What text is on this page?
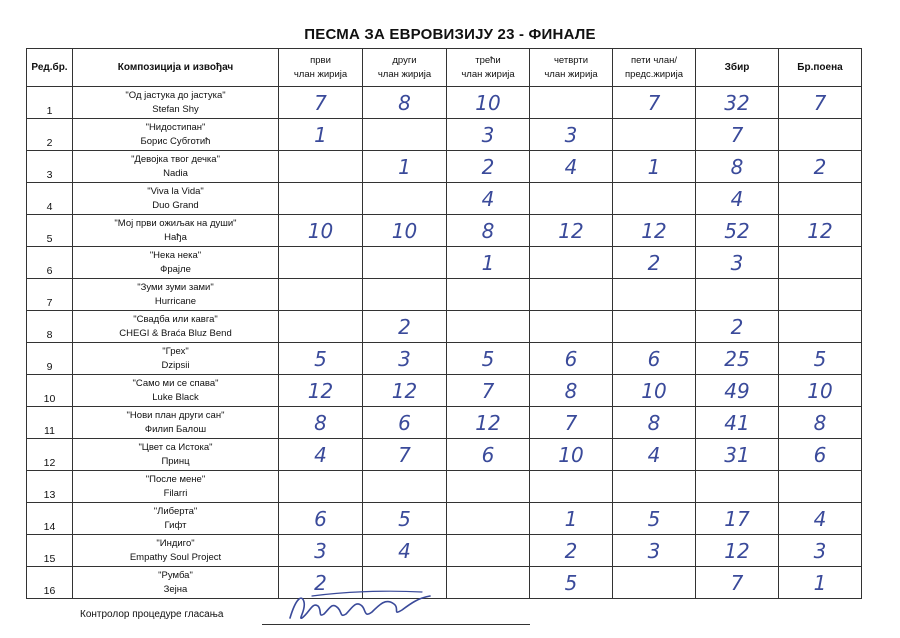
ПЕСМА ЗА ЕВРОВИЗИЈУ 23 - ФИНАЛЕ
Ред.бр.	Композиција и извођач	први
члан жирија	други
члан жирија	трећи
члан жирија	четврти
члан жирија	пети члан/
предс.жирија	Збир	Бр.поена
1	"Од јастука до јастука"
Stefan Shy	7	8	10		7	32	7
2	"Нидостипан"
Борис Субготић	1		3	3		7	
3	"Девојка твог дечка"
Nadia		1	2	4	1	8	2
4	"Viva la Vida"
Duo Grand			4			4	
5	"Мој први ожиљак на души"
Нађа	10	10	8	12	12	52	12
6	"Нека нека"
Фрајле			1		2	3	
7	"Зуми зуми зами"
Hurricane							

8	"Свадба или кавга"
CHEGI & Braća Bluz Bend		2				2	
9	"Грех"
Dzipsii	5	3	5	6	6	25	5
10	"Само ми се спава"
Luke Black	12	12	7	8	10	49	10
11	"Нови план други сан"
Филип Балош	8	6	12	7	8	41	8
12	"Цвет са Истока"
Принц	4	7	6	10	4	31	6
13	"После мене"
Filarri							

14	"Либерта"
Гифт	6	5		1	5	17	4
15	"Индиго"
Empathy Soul Project	3	4		2	3	12	3
16	"Румба"
Зејна	2			5		7	1
Контролор процедуре гласања
